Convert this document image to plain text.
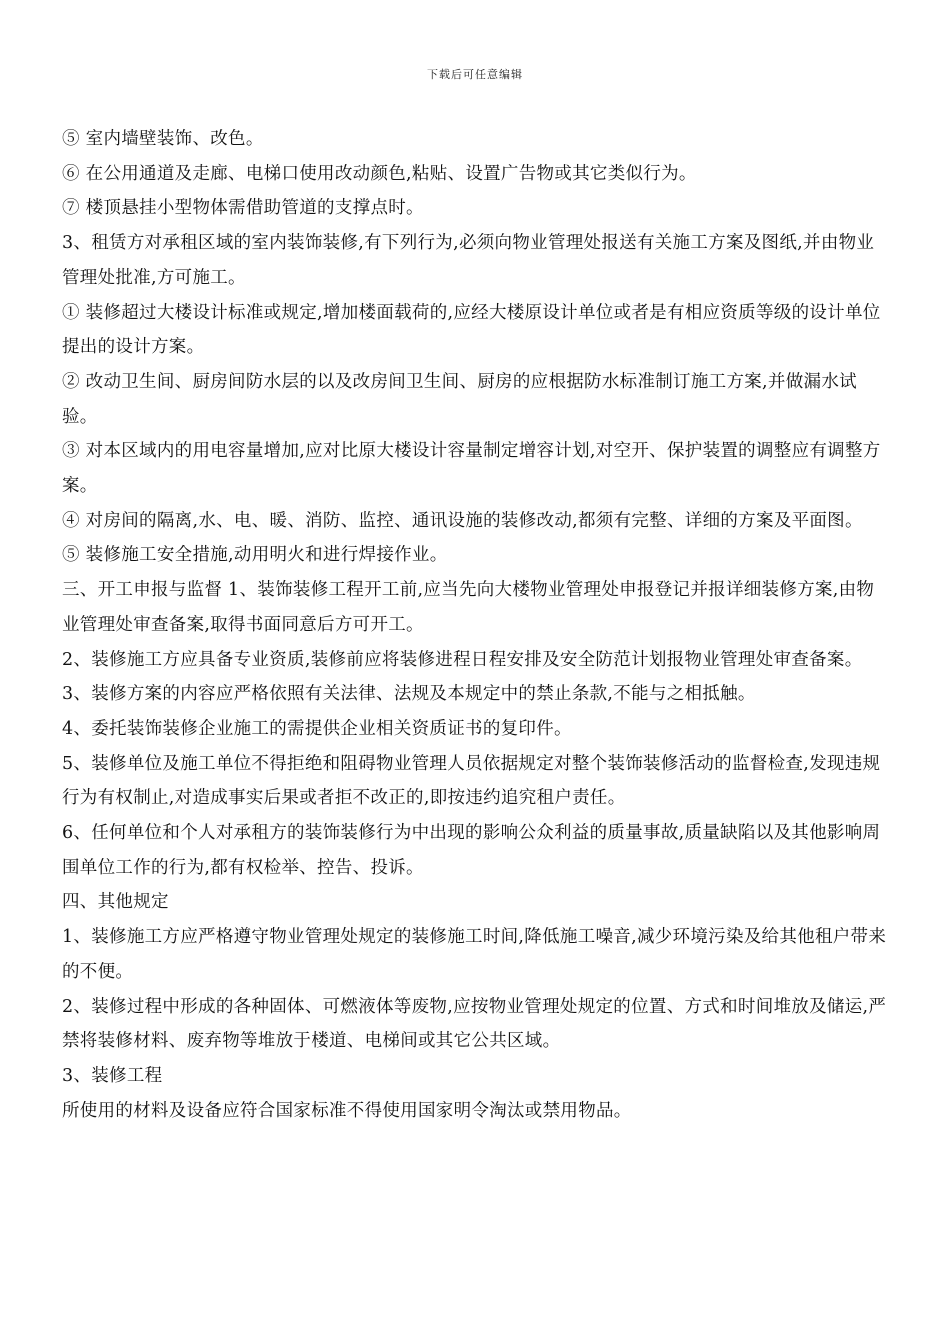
下载后可任意编辑

⑤ 室内墙壁装饰、改色。

⑥ 在公用通道及走廊、电梯口使用改动颜色,粘贴、设置广告物或其它类似行为。

⑦ 楼顶悬挂小型物体需借助管道的支撑点时。

3、租赁方对承租区域的室内装饰装修,有下列行为,必须向物业管理处报送有关施工方案及图纸,并由物业管理处批准,方可施工。

① 装修超过大楼设计标准或规定,增加楼面载荷的,应经大楼原设计单位或者是有相应资质等级的设计单位提出的设计方案。

② 改动卫生间、厨房间防水层的以及改房间卫生间、厨房的应根据防水标准制订施工方案,并做漏水试验。

③ 对本区域内的用电容量增加,应对比原大楼设计容量制定增容计划,对空开、保护装置的调整应有调整方案。

④ 对房间的隔离,水、电、暖、消防、监控、通讯设施的装修改动,都须有完整、详细的方案及平面图。

⑤ 装修施工安全措施,动用明火和进行焊接作业。

三、开工申报与监督 1、装饰装修工程开工前,应当先向大楼物业管理处申报登记并报详细装修方案,由物业管理处审查备案,取得书面同意后方可开工。

2、装修施工方应具备专业资质,装修前应将装修进程日程安排及安全防范计划报物业管理处审查备案。

3、装修方案的内容应严格依照有关法律、法规及本规定中的禁止条款,不能与之相抵触。

4、委托装饰装修企业施工的需提供企业相关资质证书的复印件。

5、装修单位及施工单位不得拒绝和阻碍物业管理人员依据规定对整个装饰装修活动的监督检查,发现违规行为有权制止,对造成事实后果或者拒不改正的,即按违约追究租户责任。

6、任何单位和个人对承租方的装饰装修行为中出现的影响公众利益的质量事故,质量缺陷以及其他影响周围单位工作的行为,都有权检举、控告、投诉。

四、其他规定

1、装修施工方应严格遵守物业管理处规定的装修施工时间,降低施工噪音,减少环境污染及给其他租户带来的不便。

2、装修过程中形成的各种固体、可燃液体等废物,应按物业管理处规定的位置、方式和时间堆放及储运,严禁将装修材料、废弃物等堆放于楼道、电梯间或其它公共区域。

3、装修工程

所使用的材料及设备应符合国家标准不得使用国家明令淘汰或禁用物品。
